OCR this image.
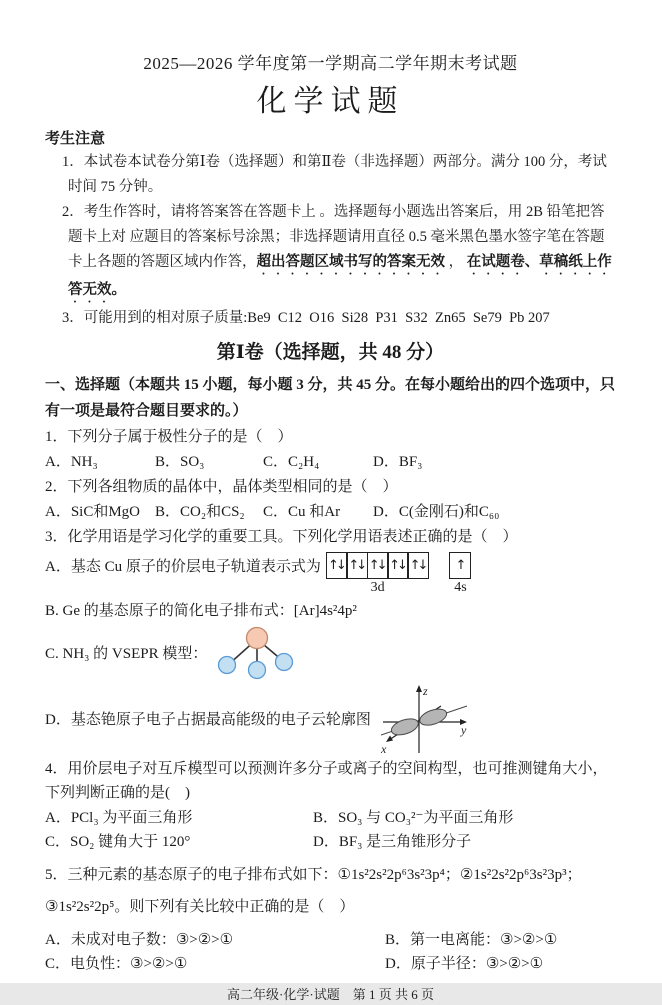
2025—2026 学年度第一学期高二学年期末考试题
化学试题
考生注意
1．本试卷本试卷分第Ⅰ卷（选择题）和第Ⅱ卷（非选择题）两部分。满分 100 分，考试时间 75 分钟。
2．考生作答时，请将答案答在答题卡上 。选择题每小题选出答案后，用 2B 铅笔把答题卡上对 应题目的答案标号涂黑；非选择题请用直径 0.5 毫米黑色墨水签字笔在答题卡上各题的答题区域内作答，超出答题区域书写的答案无效 ， 在试题卷、草稿纸上作答无效。
3．可能用到的相对原子质量:Be9  C12  O16  Si28  P31  S32  Zn65  Se79  Pb 207
第Ⅰ卷（选择题，共 48 分）
一、选择题（本题共 15 小题，每小题 3 分，共 45 分。在每小题给出的四个选项中，只有一项是最符合题目要求的。）
1．下列分子属于极性分子的是（　）
A．NH₃	B．SO₃	C．C₂H₄	D．BF₃
2．下列各组物质的晶体中，晶体类型相同的是（　）
A．SiC和MgO B．CO₂和CS₂	C．Cu 和Ar	D．C(金刚石)和C₆₀
3．化学用语是学习化学的重要工具。下列化学用语表述正确的是（　）
A．基态 Cu 原子的价层电子轨道表示式为 ↑↓ ↑↓ ↑↓ ↑↓ ↑↓
3d
↑
4s
B. Ge 的基态原子的简化电子排布式：[Ar]4s²4p²
C. NH₃ 的 VSEPR 模型：
D．基态铯原子电子占据最高能级的电子云轮廓图
z
y
x
4．用价层电子对互斥模型可以预测许多分子或离子的空间构型，也可推测键角大小，下列判断正确的是(　)
A．PCl₃ 为平面三角形	B．SO₃ 与 CO₃²⁻为平面三角形
C．SO₂ 键角大于 120°	D．BF₃ 是三角锥形分子
5．三种元素的基态原子的电子排布式如下：①1s²2s²2p⁶3s²3p⁴；②1s²2s²2p⁶3s²3p³；
③1s²2s²2p⁵。则下列有关比较中正确的是（　）
A．未成对电子数：③>②>①	B．第一电离能：③>②>①
C．电负性：③>②>①	D．原子半径：③>②>①
高二年级·化学·试题　第 1 页 共 6 页
